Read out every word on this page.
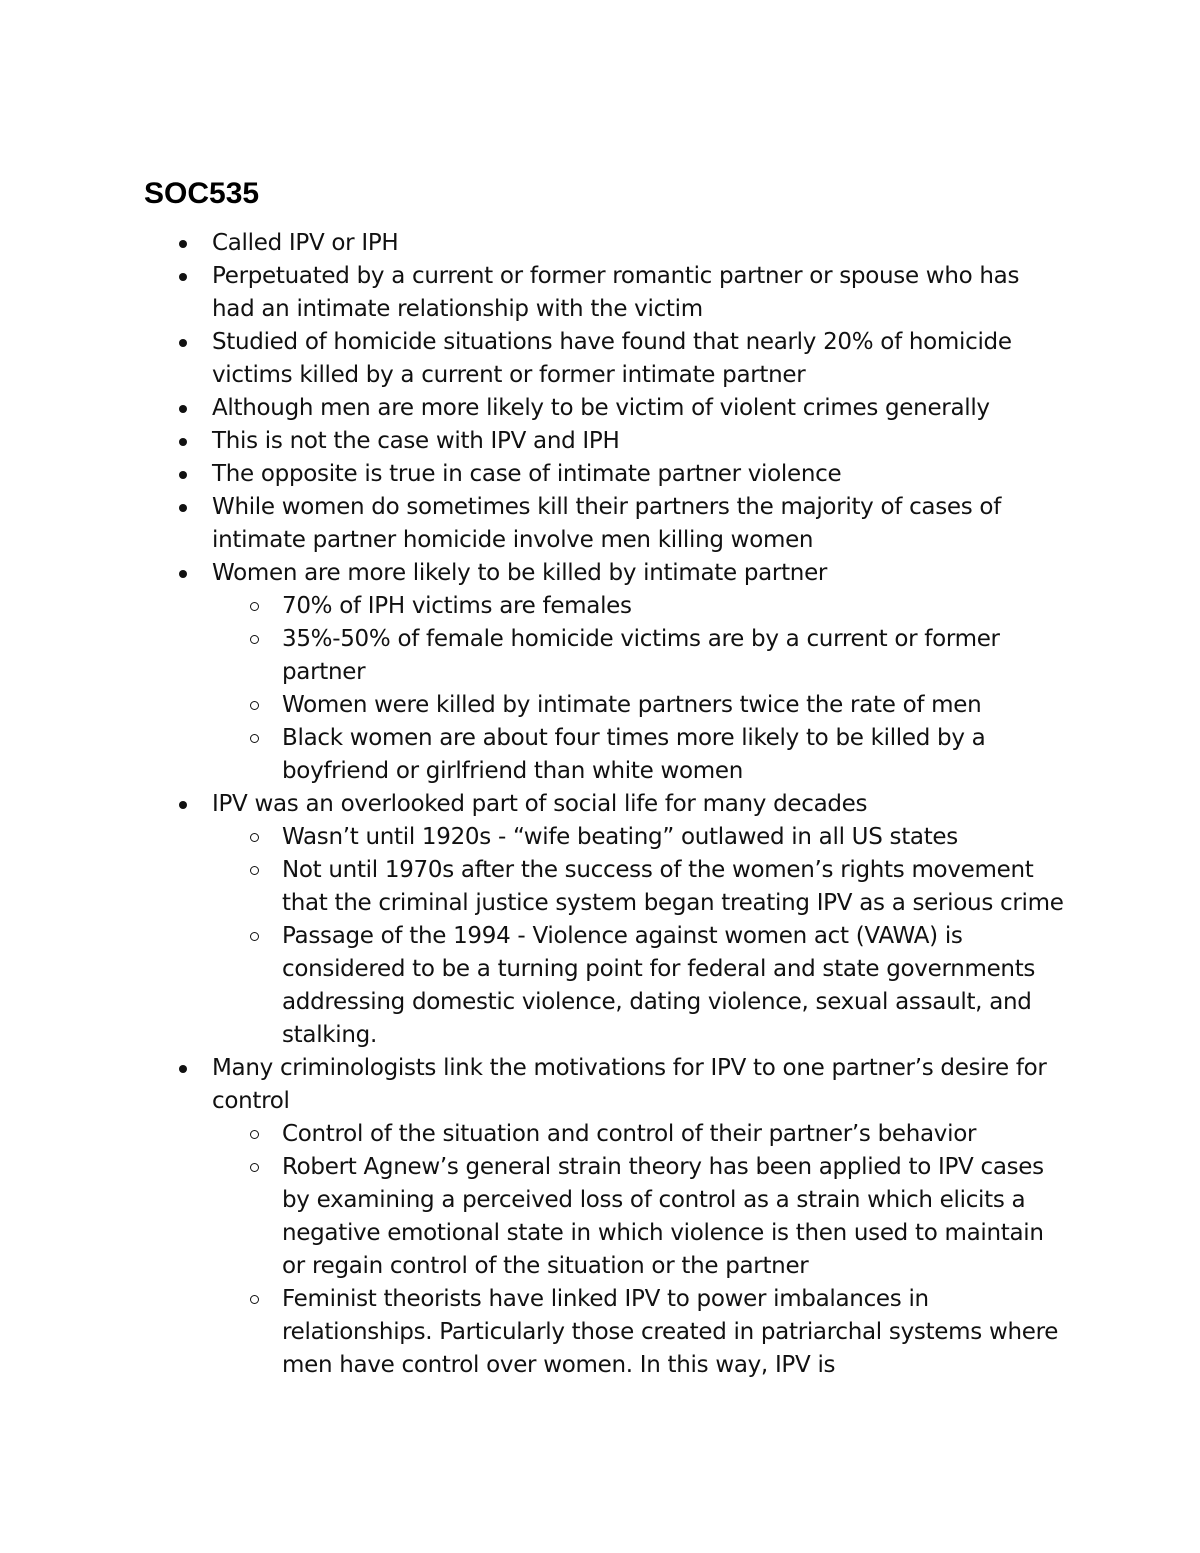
SOC535
Called IPV or IPH
Perpetuated by a current or former romantic partner or spouse who has had an intimate relationship with the victim
Studied of homicide situations have found that nearly 20% of homicide victims killed by a current or former intimate partner
Although men are more likely to be victim of violent crimes generally
This is not the case with IPV and IPH
The opposite is true in case of intimate partner violence
While women do sometimes kill their partners the majority of cases of intimate partner homicide involve men killing women
Women are more likely to be killed by intimate partner
70% of IPH victims are females
35%-50% of female homicide victims are by a current or former partner
Women were killed by intimate partners twice the rate of men
Black women are about four times more likely to be killed by a boyfriend or girlfriend than white women
IPV was an overlooked part of social life for many decades
Wasn’t until 1920s - “wife beating” outlawed in all US states
Not until 1970s after the success of the women’s rights movement that the criminal justice system began treating IPV as a serious crime
Passage of the 1994 - Violence against women act (VAWA) is considered to be a turning point for federal and state governments addressing domestic violence, dating violence, sexual assault, and stalking.
Many criminologists link the motivations for IPV to one partner’s desire for control
Control of the situation and control of their partner’s behavior
Robert Agnew’s general strain theory has been applied to IPV cases by examining a perceived loss of control as a strain which elicits a negative emotional state in which violence is then used to maintain or regain control of the situation or the partner
Feminist theorists have linked IPV to power imbalances in relationships. Particularly those created in patriarchal systems where men have control over women. In this way, IPV is
